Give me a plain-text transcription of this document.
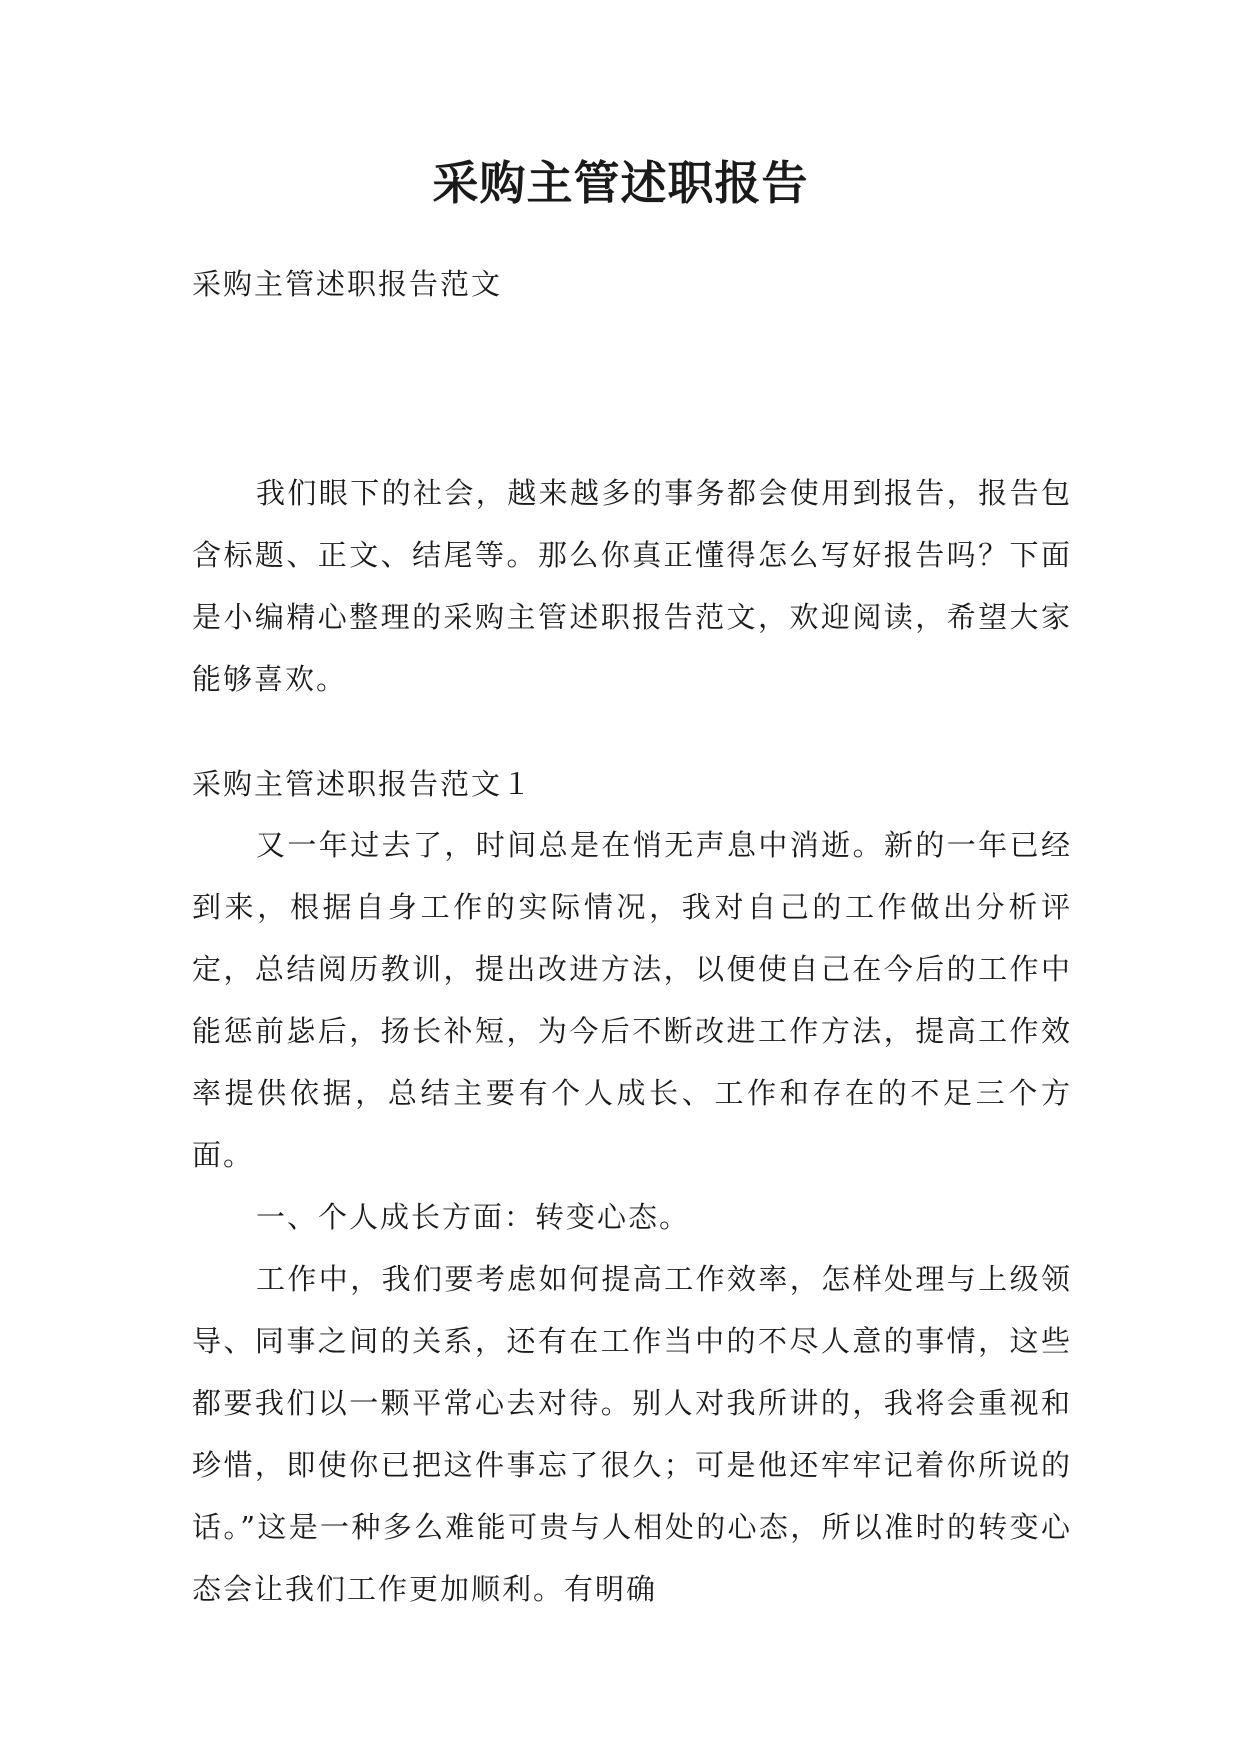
采购主管述职报告
采购主管述职报告范文

我们眼下的社会，越来越多的事务都会使用到报告，报告包含标题、正文、结尾等。那么你真正懂得怎么写好报告吗？下面是小编精心整理的采购主管述职报告范文，欢迎阅读，希望大家能够喜欢。

采购主管述职报告范文１

又一年过去了，时间总是在悄无声息中消逝。新的一年已经到来，根据自身工作的实际情况，我对自己的工作做出分析评定，总结阅历教训，提出改进方法，以便使自己在今后的工作中能惩前毖后，扬长补短，为今后不断改进工作方法，提高工作效率提供依据，总结主要有个人成长、工作和存在的不足三个方面。

一、个人成长方面：转变心态。

工作中，我们要考虑如何提高工作效率，怎样处理与上级领导、同事之间的关系，还有在工作当中的不尽人意的事情，这些都要我们以一颗平常心去对待。别人对我所讲的，我将会重视和珍惜，即使你已把这件事忘了很久；可是他还牢牢记着你所说的话。”这是一种多么难能可贵与人相处的心态，所以准时的转变心态会让我们工作更加顺利。有明确
